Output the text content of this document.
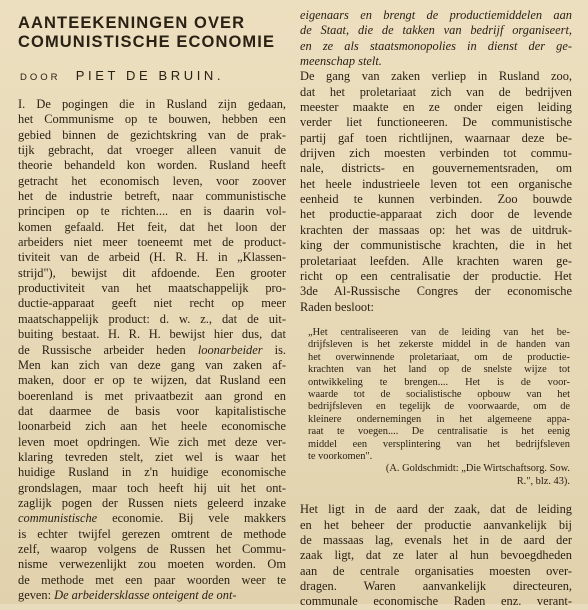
AANTEEKENINGEN OVER
COMUNISTISCHE ECONOMIE
DOOR PIET DE BRUIN.
I. De pogingen die in Rusland zijn gedaan,
het Communisme op te bouwen, hebben een
gebied binnen de gezichtskring van de prak-
tijk gebracht, dat vroeger alleen vanuit de
theorie behandeld kon worden. Rusland heeft
getracht het economisch leven, voor zoover
het de industrie betreft, naar communistische
principen op te richten.... en is daarin vol-
komen gefaald. Het feit, dat het loon der
arbeiders niet meer toeneemt met de product-
tiviteit van de arbeid (H. R. H. in „Klassen-
strijd"), bewijst dit afdoende. Een grooter
productiviteit van het maatschappelijk pro-
ductie-apparaat geeft niet recht op meer
maatschappelijk product: d. w. z., dat de uit-
buiting bestaat. H. R. H. bewijst hier dus, dat
de Russische arbeider heden loonarbeider is.
Men kan zich van deze gang van zaken af-
maken, door er op te wijzen, dat Rusland een
boerenland is met privaatbezit aan grond en
dat daarmee de basis voor kapitalistische
loonarbeid zich aan het heele economische
leven moet opdringen. Wie zich met deze ver-
klaring tevreden stelt, ziet wel is waar het
huidige Rusland in z'n huidige economische
grondslagen, maar toch heeft hij uit het ont-
zaglijk pogen der Russen niets geleerd inzake
communistische economie. Bij vele makkers
is echter twijfel gerezen omtrent de methode
zelf, waarop volgens de Russen het Commu-
nisme verwezenlijkt zou moeten worden. Om
de methode met een paar woorden weer te
geven: De arbeidersklasse onteigent de ont-
eigenaars en brengt de productiemiddelen aan
de Staat, die de takken van bedrijf organiseert,
en ze als staatsmonopolies in dienst der ge-
meenschap stelt.
De gang van zaken verliep in Rusland zoo,
dat het proletariaat zich van de bedrijven
meester maakte en ze onder eigen leiding
verder liet functioneeren. De communistische
partij gaf toen richtlijnen, waarnaar deze be-
drijven zich moesten verbinden tot commu-
nale, districts- en gouvernementsraden, om
het heele industrieele leven tot een organische
eenheid te kunnen verbinden. Zoo bouwde
het productie-apparaat zich door de levende
krachten der massaas op: het was de uitdruk-
king der communistische krachten, die in het
proletariaat leefden. Alle krachten waren ge-
richt op een centralisatie der productie. Het
3de Al-Russische Congres der economische
Raden besloot:
„Het centraliseeren van de leiding van het be-
drijfsleven is het zekerste middel in de handen van
het overwinnende proletariaat, om de productie-
krachten van het land op de snelste wijze tot
ontwikkeling te brengen.... Het is de voor-
waarde tot de socialistische opbouw van het
bedrijfsleven en tegelijk de voorwaarde, om de
kleinere ondernemingen in het algemeene appa-
raat te voegen.... De centralisatie is het eenig
middel een versplintering van het bedrijfsleven
te voorkomen".
(A. Goldschmidt: „Die Wirtschaftsorg. Sow.
R.", blz. 43).
Het ligt in de aard der zaak, dat de leiding
en het beheer der productie aanvankelijk bij
de massaas lag, evenals het in de aard der
zaak ligt, dat ze later al hun bevoegdheden
aan de centrale organisaties moesten over-
dragen. Waren aanvankelijk directeuren,
communale economische Raden enz. verant-
